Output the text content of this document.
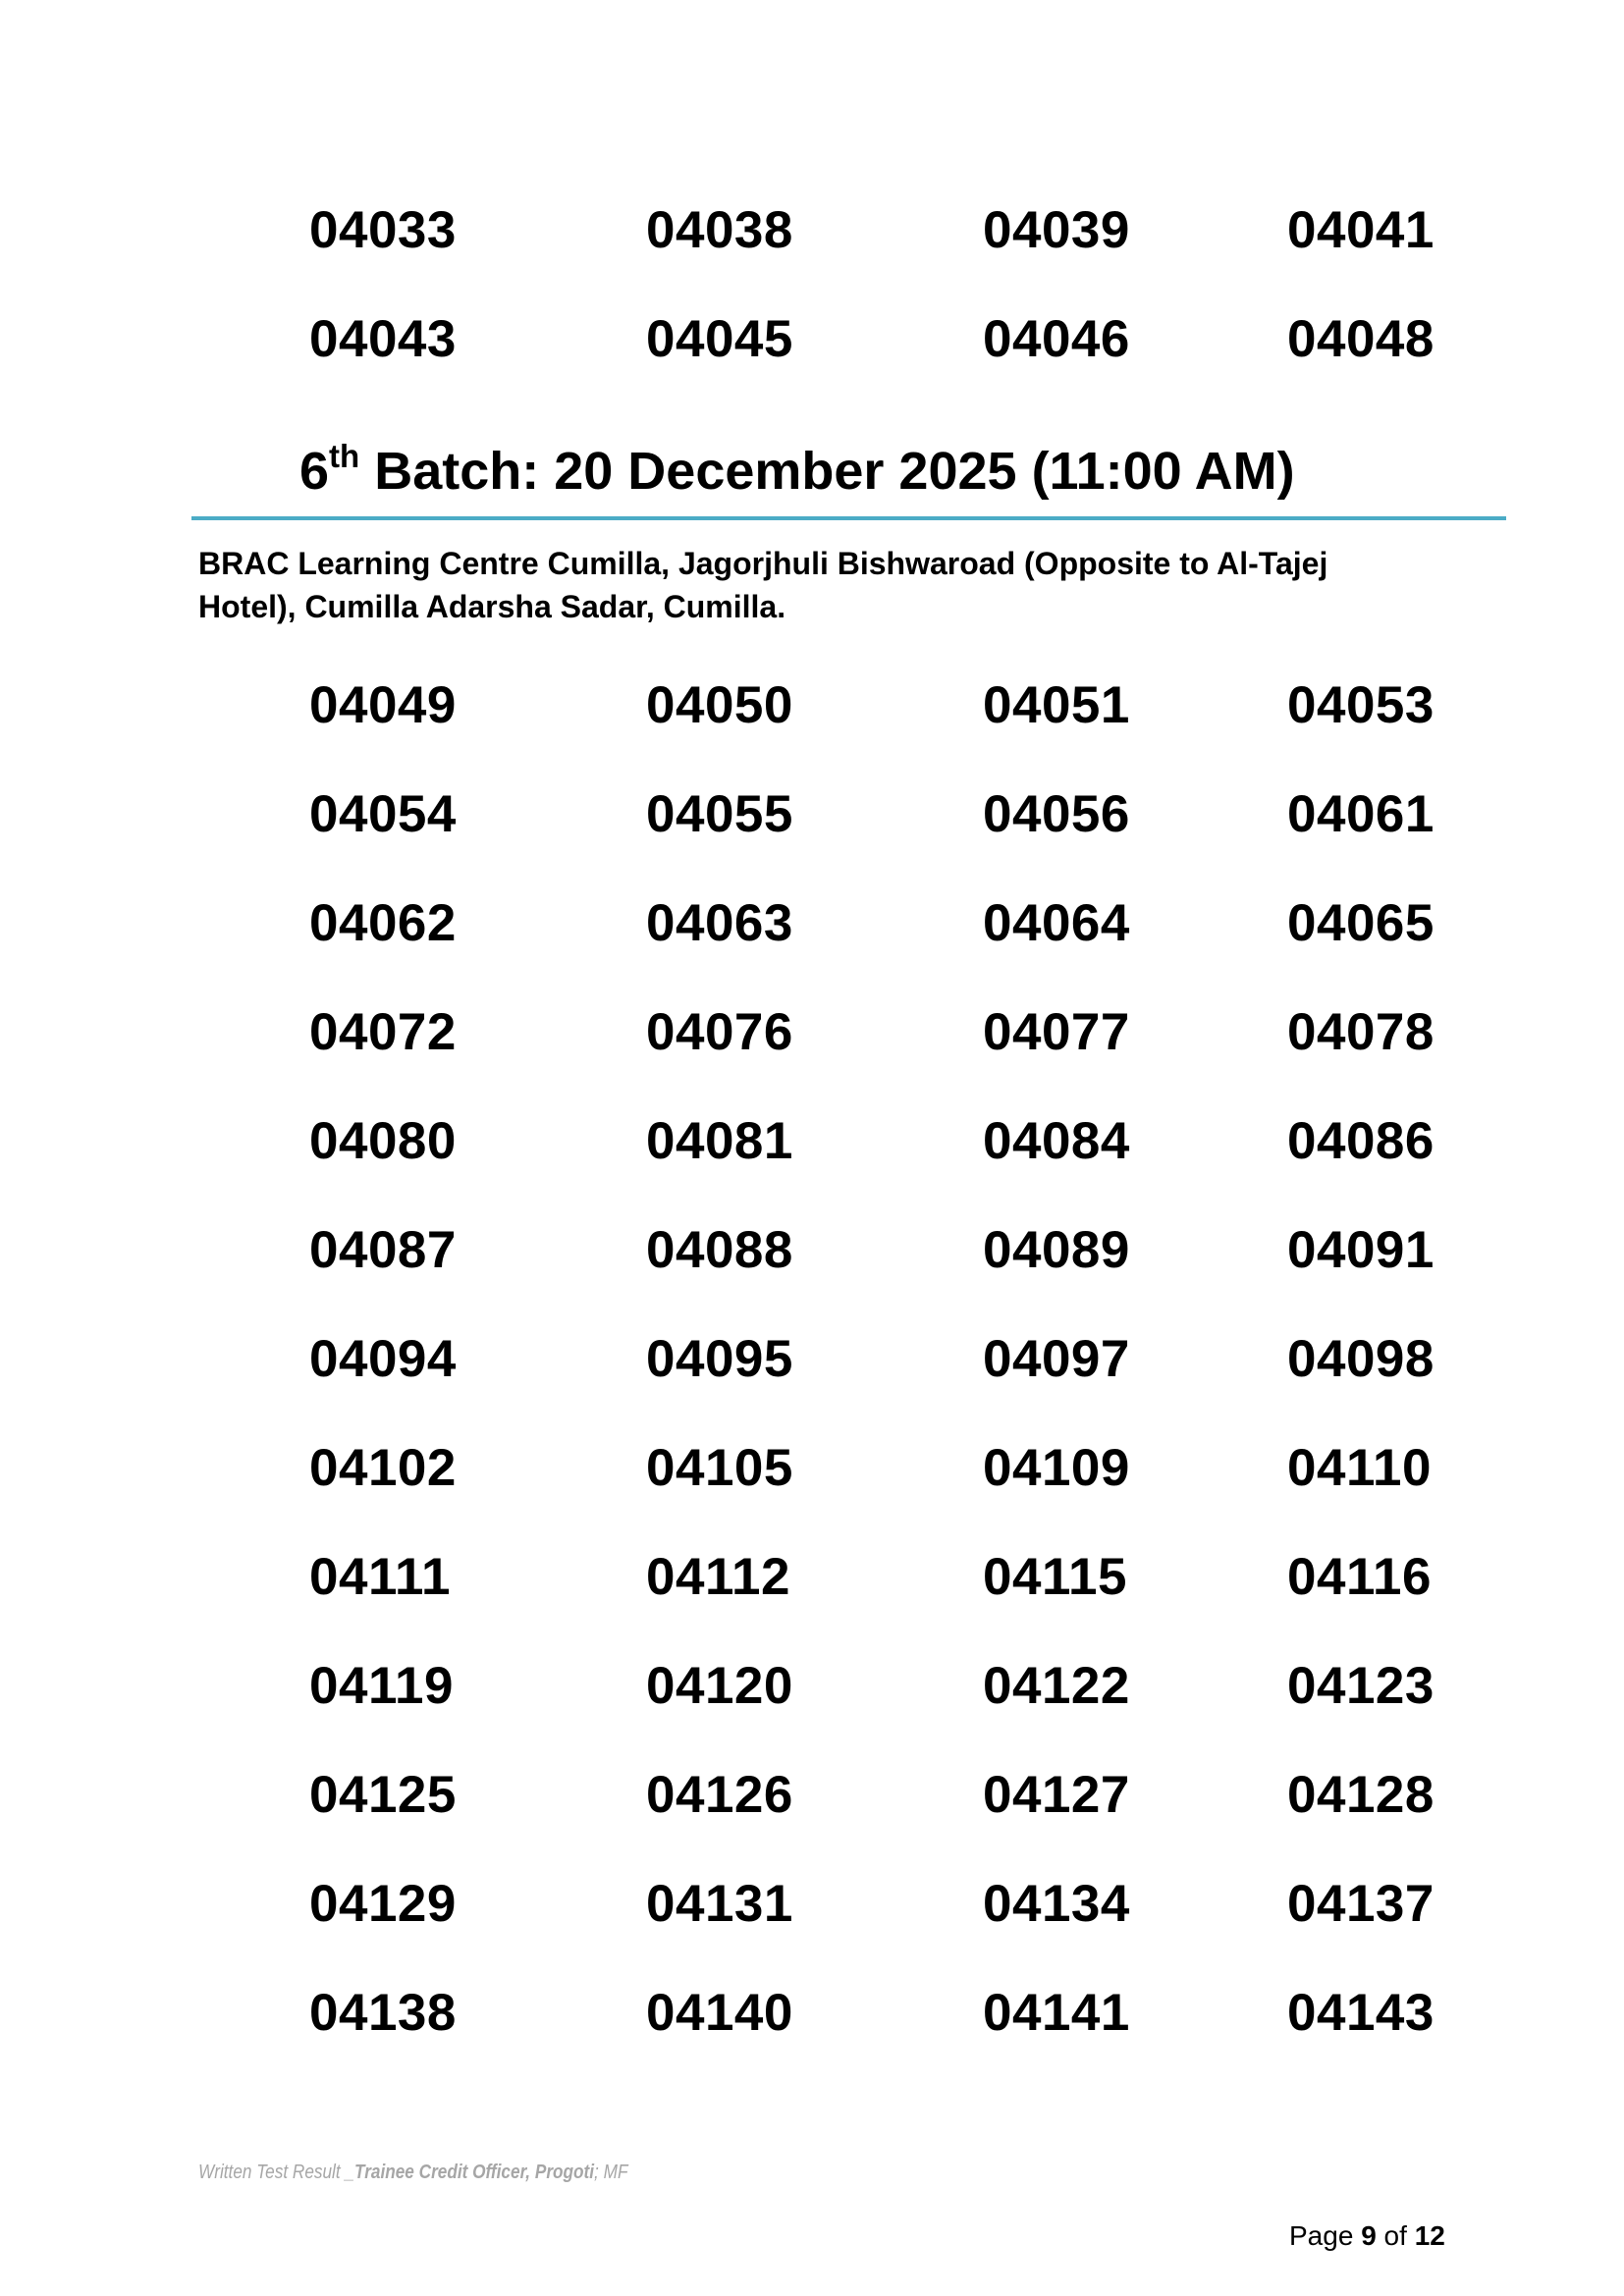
04033	04038	04039	04041
04043	04045	04046	04048
6th Batch: 20 December 2025 (11:00 AM)
BRAC Learning Centre Cumilla, Jagorjhuli Bishwaroad (Opposite to Al-Tajej
Hotel), Cumilla Adarsha Sadar, Cumilla.
04049	04050	04051	04053
04054	04055	04056	04061
04062	04063	04064	04065
04072	04076	04077	04078
04080	04081	04084	04086
04087	04088	04089	04091
04094	04095	04097	04098
04102	04105	04109	04110
04111	04112	04115	04116
04119	04120	04122	04123
04125	04126	04127	04128
04129	04131	04134	04137
04138	04140	04141	04143
Written Test Result _Trainee Credit Officer, Progoti; MF
Page 9 of 12
